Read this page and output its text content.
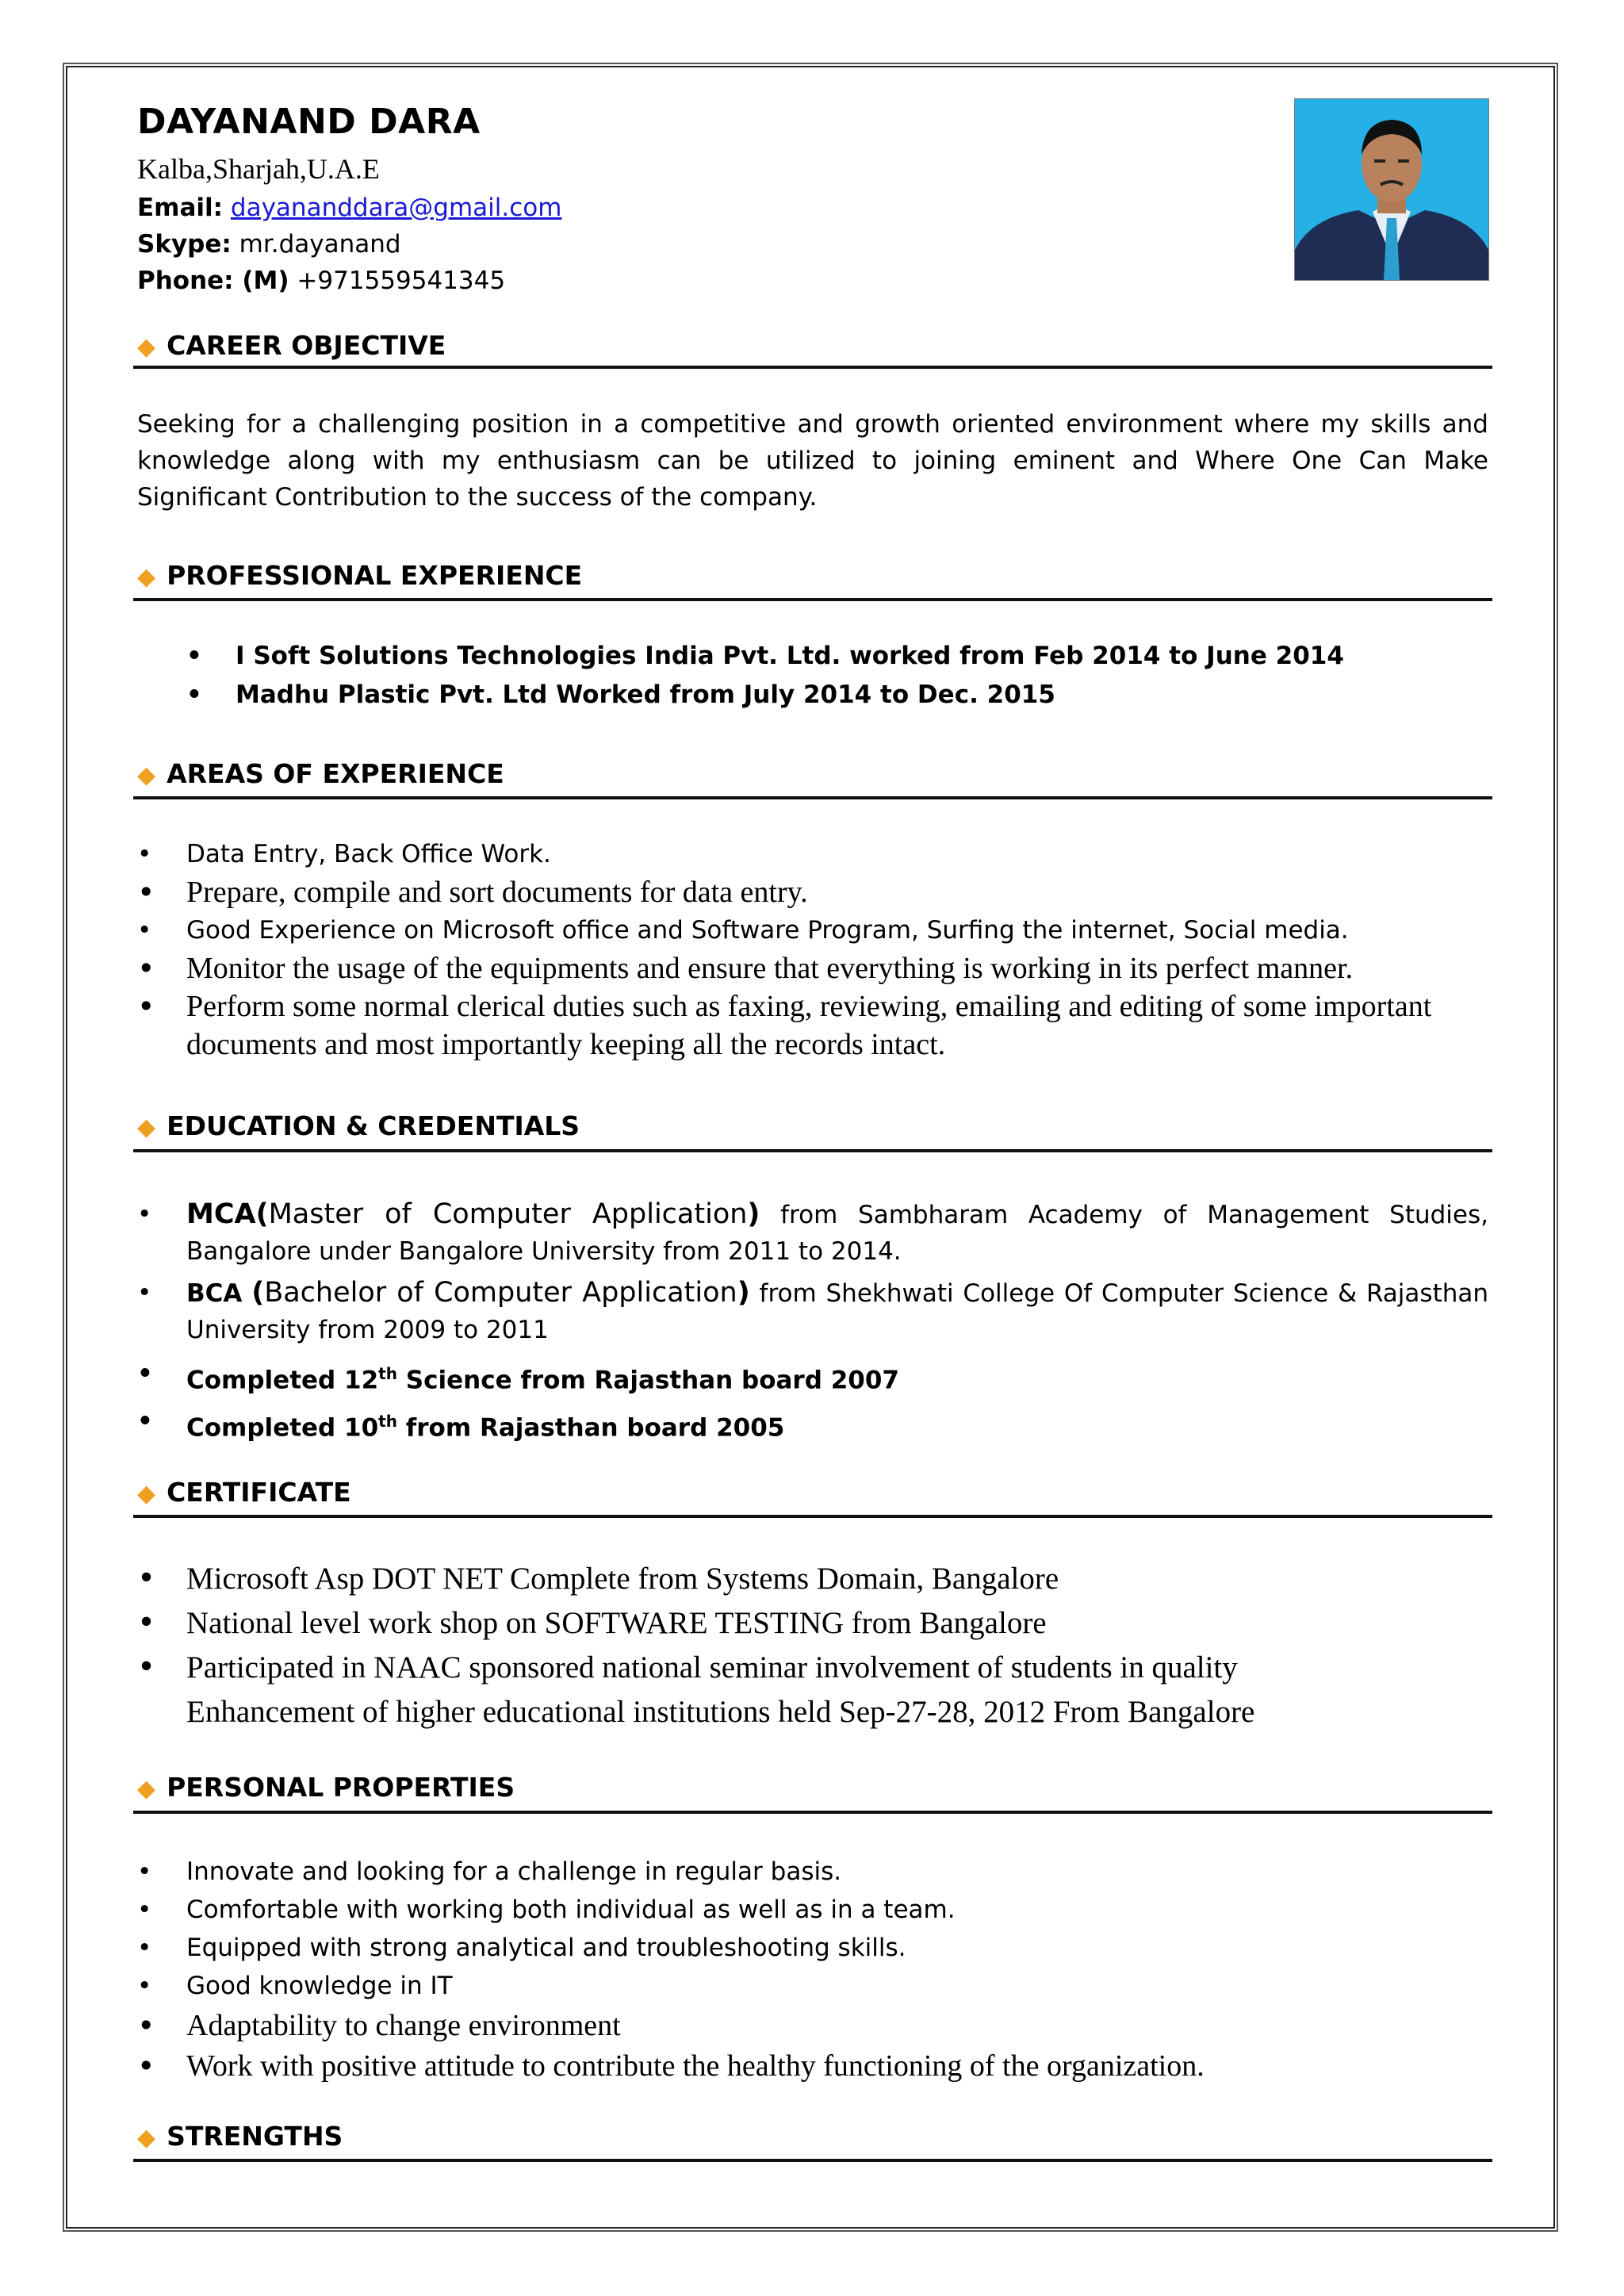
DAYANAND DARA
Kalba,Sharjah,U.A.E
Email: dayananddara@gmail.com
Skype: mr.dayanand
Phone: (M) +971559541345
◆ CAREER OBJECTIVE
Seeking for a challenging position in a competitive and growth oriented environment where my skills and knowledge along with my enthusiasm can be utilized to joining eminent and Where One Can Make Significant Contribution to the success of the company.
◆ PROFESSIONAL EXPERIENCE
• I Soft Solutions Technologies India Pvt. Ltd. worked from Feb 2014 to June 2014
• Madhu Plastic Pvt. Ltd Worked from July 2014 to Dec. 2015
◆ AREAS OF EXPERIENCE
• Data Entry, Back Office Work.
• Prepare, compile and sort documents for data entry.
• Good Experience on Microsoft office and Software Program, Surfing the internet, Social media.
• Monitor the usage of the equipments and ensure that everything is working in its perfect manner.
• Perform some normal clerical duties such as faxing, reviewing, emailing and editing of some important documents and most importantly keeping all the records intact.
◆ EDUCATION & CREDENTIALS
• MCA(Master of Computer Application) from Sambharam Academy of Management Studies, Bangalore under Bangalore University from 2011 to 2014.
• BCA (Bachelor of Computer Application) from Shekhwati College Of Computer Science & Rajasthan University from 2009 to 2011
• Completed 12th Science from Rajasthan board 2007
• Completed 10th from Rajasthan board 2005
◆ CERTIFICATE
• Microsoft Asp DOT NET Complete from Systems Domain, Bangalore
• National level work shop on SOFTWARE TESTING from Bangalore
• Participated in NAAC sponsored national seminar involvement of students in quality Enhancement of higher educational institutions held Sep-27-28, 2012 From Bangalore
◆ PERSONAL PROPERTIES
• Innovate and looking for a challenge in regular basis.
• Comfortable with working both individual as well as in a team.
• Equipped with strong analytical and troubleshooting skills.
• Good knowledge in IT
• Adaptability to change environment
• Work with positive attitude to contribute the healthy functioning of the organization.
◆ STRENGTHS
